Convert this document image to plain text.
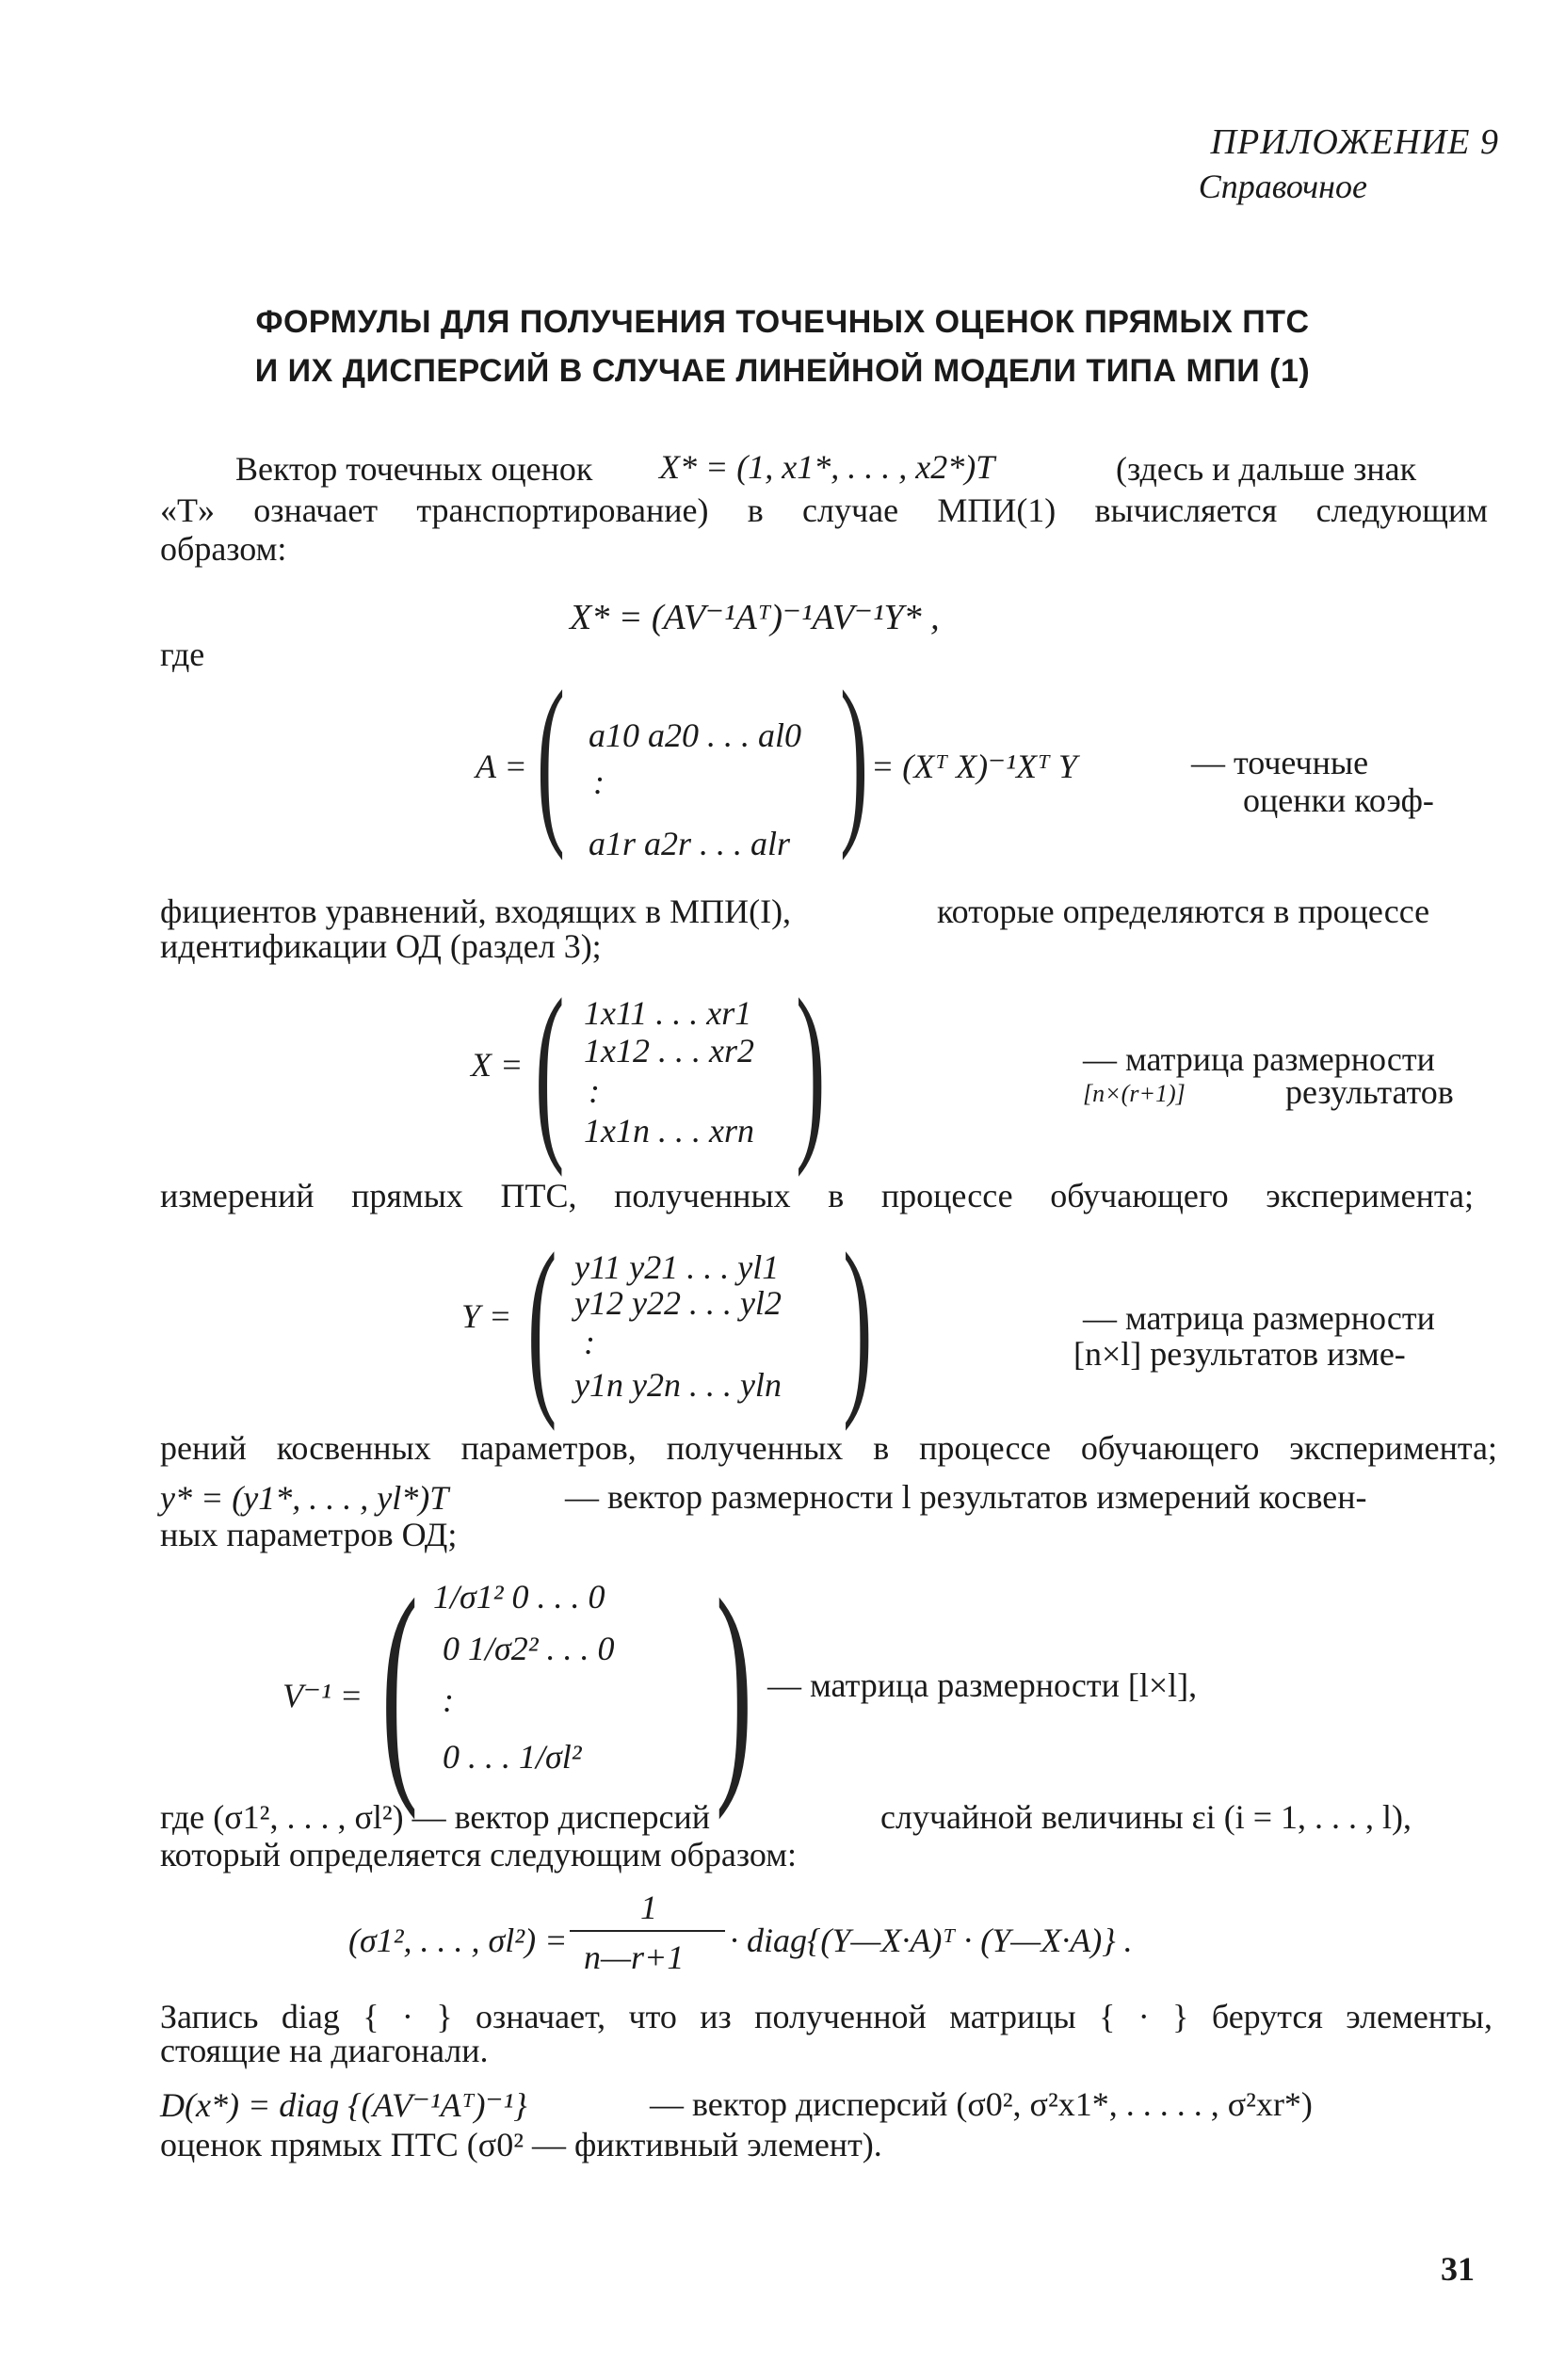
ПРИЛОЖЕНИЕ 9
Справочное
ФОРМУЛЫ ДЛЯ ПОЛУЧЕНИЯ ТОЧЕЧНЫХ ОЦЕНОК ПРЯМЫХ ПТС
И ИХ ДИСПЕРСИЙ В СЛУЧАЕ ЛИНЕЙНОЙ МОДЕЛИ ТИПА МПИ (1)
Вектор точечных оценок X* = (1, x1*, . . . , x2*)T	(здесь и дальше знак
«T» означает транспортирование) в случае МПИ(1) вычисляется следующим
образом:
X* = (AV⁻¹Aᵀ)⁻¹AV⁻¹Y* ,
где
A = ( a10 a20 . . . al0
:
a1r a2r . . . alr ) = (Xᵀ X)⁻¹Xᵀ Y	— точечные
оценки коэф-
фициентов уравнений, входящих в МПИ(I),	которые определяются в процессе
идентификации ОД (раздел 3);
X = ( 1x11 . . . xr1
1x12 . . . xr2
:
1x1n . . . xrn )	— матрица размерности
[n×(r+1)]	результатов
измерений прямых ПТС, полученных в процессе обучающего эксперимента;
Y = ( y11 y21 . . . yl1
y12 y22 . . . yl2
:
y1n y2n . . . yln )	— матрица размерности
[n×l] результатов изме-
рений косвенных параметров, полученных в процессе обучающего эксперимента;
y* = (y1*, . . . , yl*)T	— вектор размерности l результатов измерений косвен-
ных параметров ОД;
V⁻¹ = ( 1/σ1² 0 . . . 0
0 1/σ2² . . . 0
:
0 . . . 1/σl² ) — матрица размерности [l×l],
где (σ1², . . . , σl²) — вектор дисперсий	случайной величины εi (i = 1, . . . , l),
который определяется следующим образом:
(σ1², . . . , σl²) =
1
n—r+1 · diag{(Y—X·A)ᵀ · (Y—X·A)} .
Запись diag { · } означает, что из полученной матрицы { · } берутся элементы,
стоящие на диагонали.
D(x*) = diag {(AV⁻¹Aᵀ)⁻¹}	— вектор дисперсий (σ0², σ²x1*, . . . . . , σ²xr*)
оценок прямых ПТС (σ0² — фиктивный элемент).
31
